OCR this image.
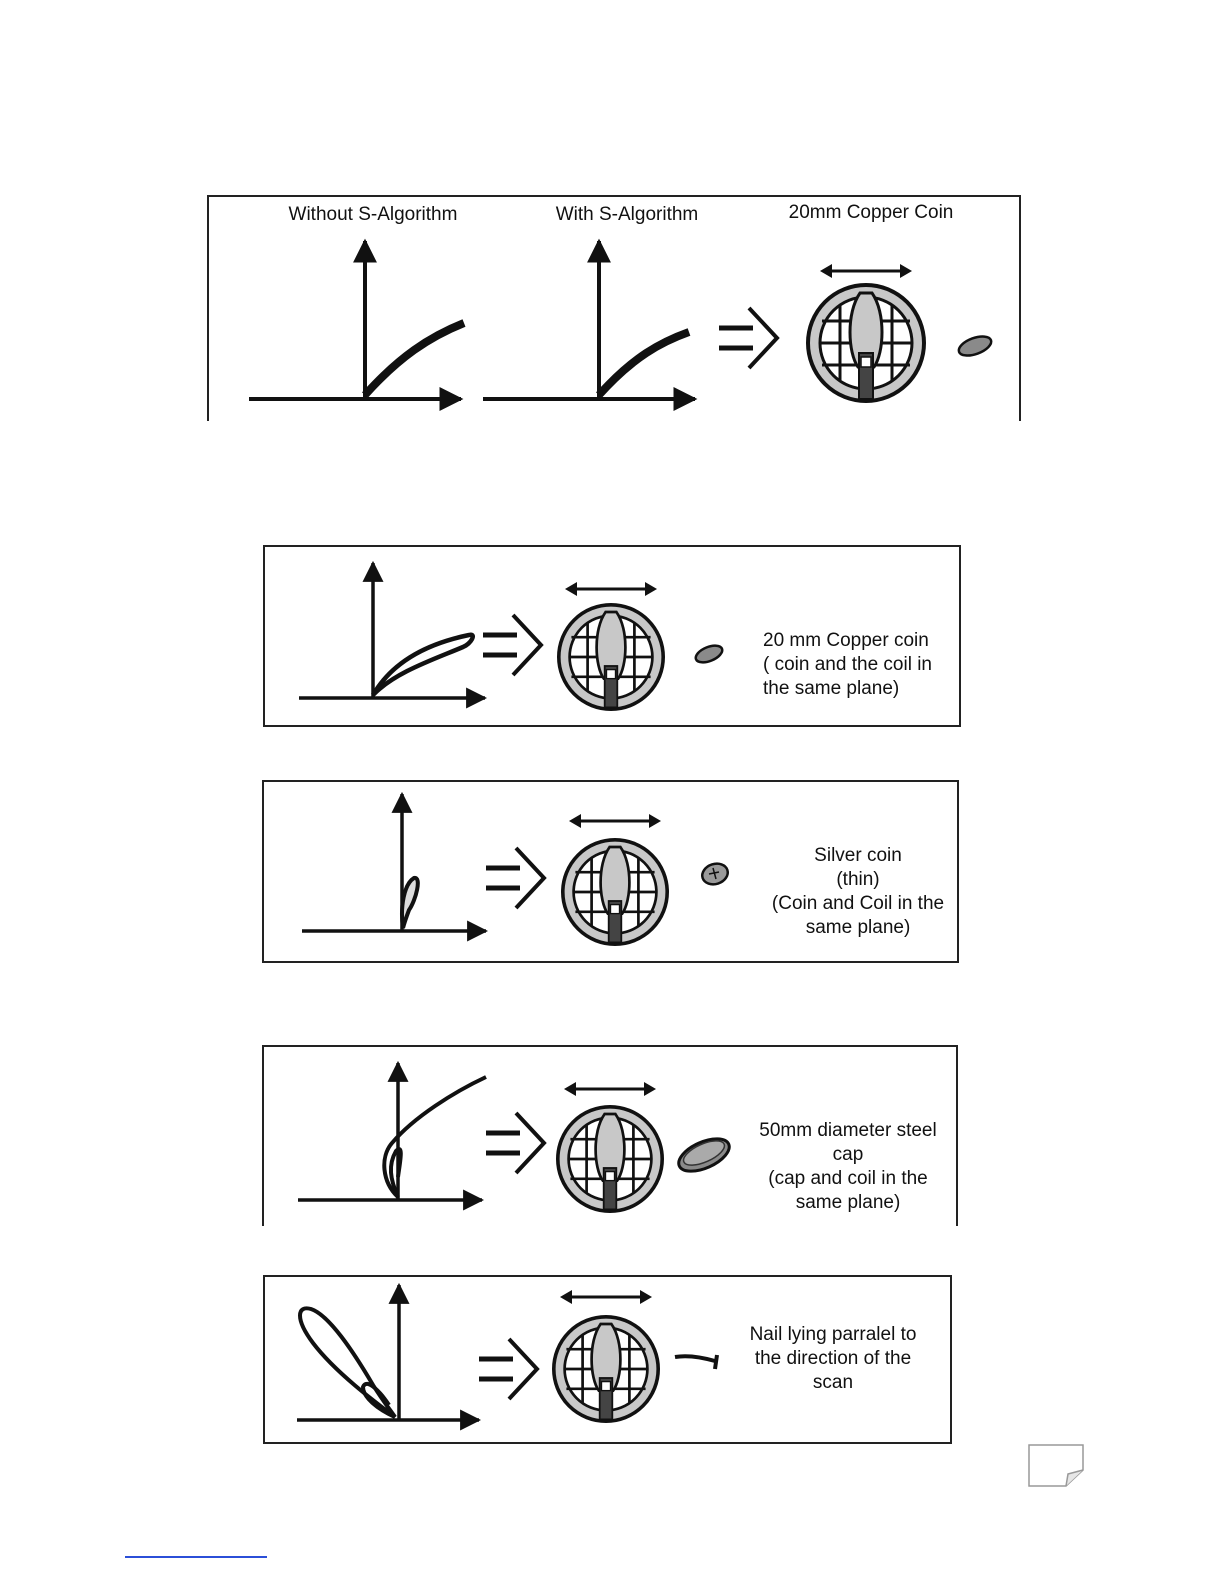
Without S-Algorithm	With S-Algorithm	20mm Copper Coin
20 mm Copper coin
( coin and the coil in
the same plane)
Silver coin
(thin)
(Coin and Coil in the
same plane)
50mm diameter steel
cap
(cap and coil in the
same plane)
Nail lying parralel to
the direction of the
scan
